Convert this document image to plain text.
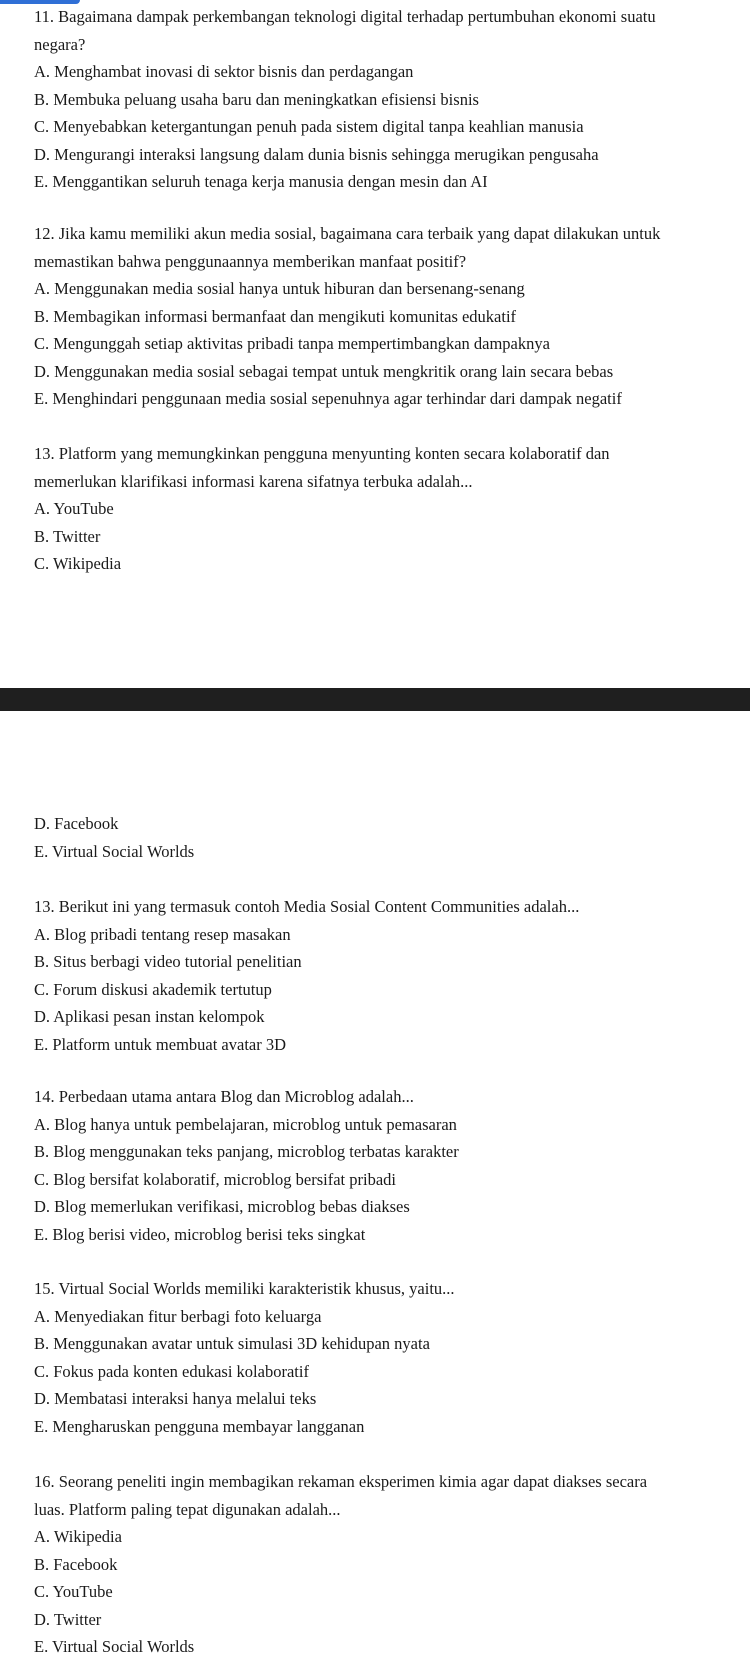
11. Bagaimana dampak perkembangan teknologi digital terhadap pertumbuhan ekonomi suatu
negara?
A. Menghambat inovasi di sektor bisnis dan perdagangan
B. Membuka peluang usaha baru dan meningkatkan efisiensi bisnis
C. Menyebabkan ketergantungan penuh pada sistem digital tanpa keahlian manusia
D. Mengurangi interaksi langsung dalam dunia bisnis sehingga merugikan pengusaha
E. Menggantikan seluruh tenaga kerja manusia dengan mesin dan AI
12. Jika kamu memiliki akun media sosial, bagaimana cara terbaik yang dapat dilakukan untuk
memastikan bahwa penggunaannya memberikan manfaat positif?
A. Menggunakan media sosial hanya untuk hiburan dan bersenang-senang
B. Membagikan informasi bermanfaat dan mengikuti komunitas edukatif
C. Mengunggah setiap aktivitas pribadi tanpa mempertimbangkan dampaknya
D. Menggunakan media sosial sebagai tempat untuk mengkritik orang lain secara bebas
E. Menghindari penggunaan media sosial sepenuhnya agar terhindar dari dampak negatif
13. Platform yang memungkinkan pengguna menyunting konten secara kolaboratif dan
memerlukan klarifikasi informasi karena sifatnya terbuka adalah...
A. YouTube
B. Twitter
C. Wikipedia
D. Facebook
E. Virtual Social Worlds
13. Berikut ini yang termasuk contoh Media Sosial Content Communities adalah...
A. Blog pribadi tentang resep masakan
B. Situs berbagi video tutorial penelitian
C. Forum diskusi akademik tertutup
D. Aplikasi pesan instan kelompok
E. Platform untuk membuat avatar 3D
14. Perbedaan utama antara Blog dan Microblog adalah...
A. Blog hanya untuk pembelajaran, microblog untuk pemasaran
B. Blog menggunakan teks panjang, microblog terbatas karakter
C. Blog bersifat kolaboratif, microblog bersifat pribadi
D. Blog memerlukan verifikasi, microblog bebas diakses
E. Blog berisi video, microblog berisi teks singkat
15. Virtual Social Worlds memiliki karakteristik khusus, yaitu...
A. Menyediakan fitur berbagi foto keluarga
B. Menggunakan avatar untuk simulasi 3D kehidupan nyata
C. Fokus pada konten edukasi kolaboratif
D. Membatasi interaksi hanya melalui teks
E. Mengharuskan pengguna membayar langganan
16. Seorang peneliti ingin membagikan rekaman eksperimen kimia agar dapat diakses secara
luas. Platform paling tepat digunakan adalah...
A. Wikipedia
B. Facebook
C. YouTube
D. Twitter
E. Virtual Social Worlds
